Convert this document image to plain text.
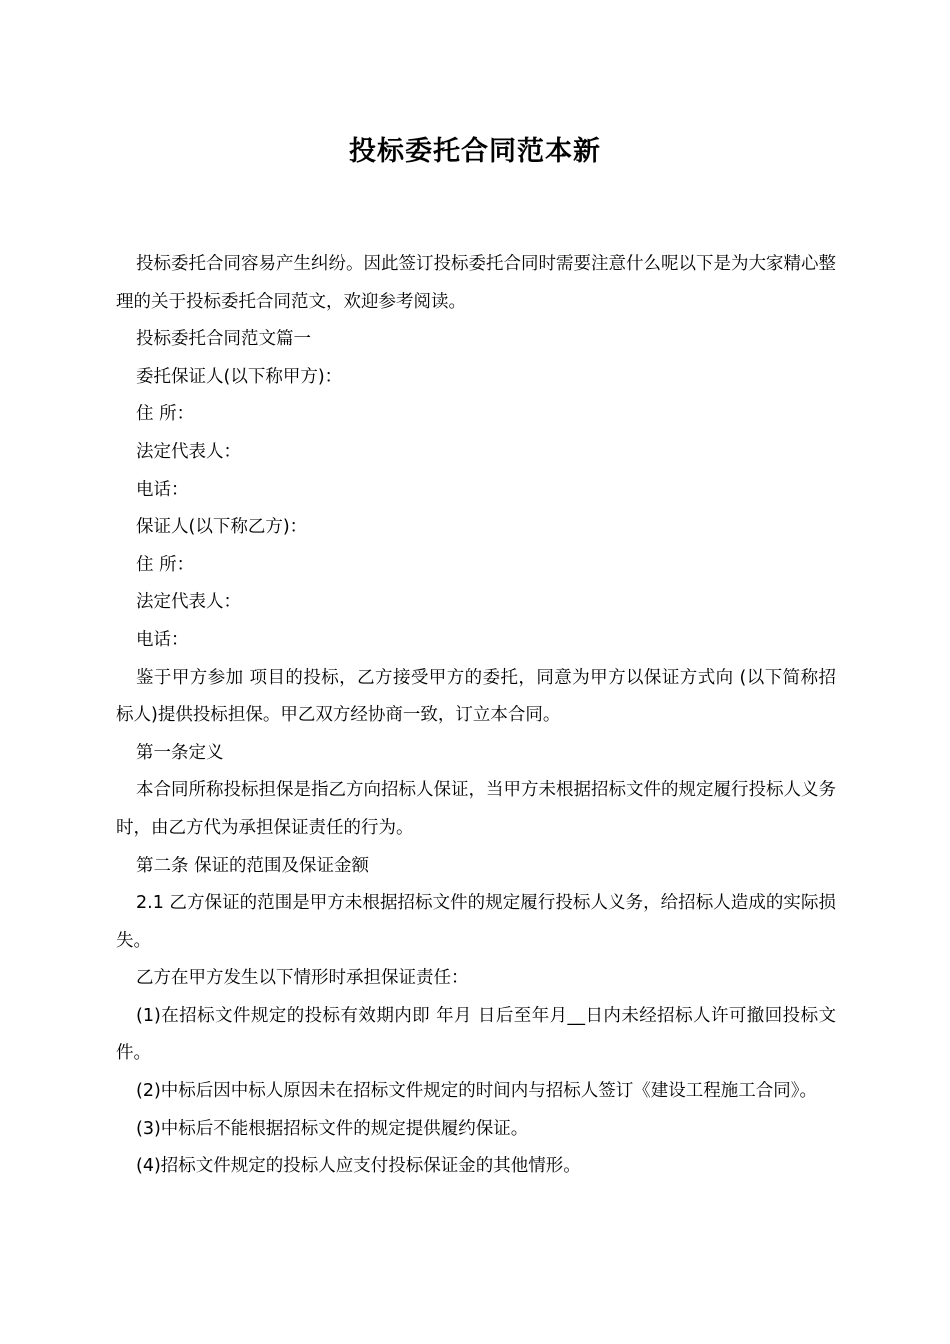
投标委托合同范本新

投标委托合同容易产生纠纷。因此签订投标委托合同时需要注意什么呢以下是为大家精心整理的关于投标委托合同范文，欢迎参考阅读。

投标委托合同范文篇一

委托保证人(以下称甲方)：

住 所：

法定代表人：

电话：

保证人(以下称乙方)：

住 所：

法定代表人：

电话：

鉴于甲方参加 项目的投标，乙方接受甲方的委托，同意为甲方以保证方式向 (以下简称招标人)提供投标担保。甲乙双方经协商一致，订立本合同。

第一条定义

本合同所称投标担保是指乙方向招标人保证，当甲方未根据招标文件的规定履行投标人义务时，由乙方代为承担保证责任的行为。

第二条 保证的范围及保证金额

2.1 乙方保证的范围是甲方未根据招标文件的规定履行投标人义务，给招标人造成的实际损失。

乙方在甲方发生以下情形时承担保证责任：

(1)在招标文件规定的投标有效期内即 年月 日后至年月__日内未经招标人许可撤回投标文件。

(2)中标后因中标人原因未在招标文件规定的时间内与招标人签订《建设工程施工合同》。

(3)中标后不能根据招标文件的规定提供履约保证。

(4)招标文件规定的投标人应支付投标保证金的其他情形。
